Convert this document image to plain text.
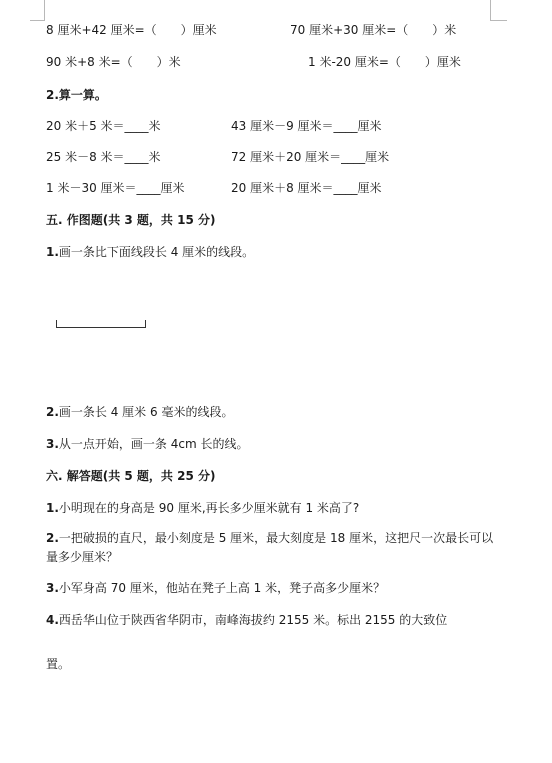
8 厘米+42 厘米=（　　）厘米	70 厘米+30 厘米=（　　）米
90 米+8 米=（　　）米	1 米-20 厘米=（　　）厘米
2.算一算。
20 米＋5 米＝____米	43 厘米－9 厘米＝____厘米
25 米－8 米＝____米	72 厘米＋20 厘米＝____厘米
1 米－30 厘米＝____厘米	20 厘米＋8 厘米＝____厘米
五. 作图题(共 3 题，共 15 分)
1.画一条比下面线段长 4 厘米的线段。
2.画一条长 4 厘米 6 毫米的线段。
3.从一点开始，画一条 4cm 长的线。
六. 解答题(共 5 题，共 25 分)
1.小明现在的身高是 90 厘米,再长多少厘米就有 1 米高了?
2.一把破损的直尺，最小刻度是 5 厘米，最大刻度是 18 厘米，这把尺一次最长可以量多少厘米？
3.小军身高 70 厘米，他站在凳子上高 1 米，凳子高多少厘米？
4.西岳华山位于陕西省华阴市，南峰海拔约 2155 米。标出 2155 的大致位
置。
